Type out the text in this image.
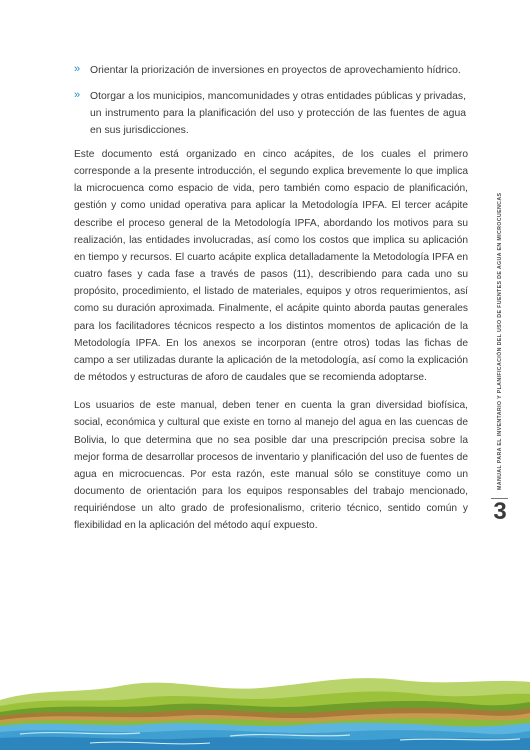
» Orientar la priorización de inversiones en proyectos de aprovechamiento hídrico.
» Otorgar a los municipios, mancomunidades y otras entidades públicas y privadas, un instrumento para la planificación del uso y protección de las fuentes de agua en sus jurisdicciones.

Este documento está organizado en cinco acápites, de los cuales el primero corresponde a la presente introducción, el segundo explica brevemente lo que implica la microcuenca como espacio de vida, pero también como espacio de planificación, gestión y como unidad operativa para aplicar la Metodología IPFA. El tercer acápite describe el proceso general de la Metodología IPFA, abordando los motivos para su realización, las entidades involucradas, así como los costos que implica su aplicación en tiempo y recursos. El cuarto acápite explica detalladamente la Metodología IPFA en cuatro fases y cada fase a través de pasos (11), describiendo para cada uno su propósito, procedimiento, el listado de materiales, equipos y otros requerimientos, así como su duración aproximada. Finalmente, el acápite quinto aborda pautas generales para los facilitadores técnicos respecto a los distintos momentos de aplicación de la Metodología IPFA. En los anexos se incorporan (entre otros) todas las fichas de campo a ser utilizadas durante la aplicación de la metodología, así como la explicación de métodos y estructuras de aforo de caudales que se recomienda adoptarse.

Los usuarios de este manual, deben tener en cuenta la gran diversidad biofísica, social, económica y cultural que existe en torno al manejo del agua en las cuencas de Bolivia, lo que determina que no sea posible dar una prescripción precisa sobre la mejor forma de desarrollar procesos de inventario y planificación del uso de fuentes de agua en microcuencas. Por esta razón, este manual sólo se constituye como un documento de orientación para los equipos responsables del trabajo mencionado, requiriéndose un alto grado de profesionalismo, criterio técnico, sentido común y flexibilidad en la aplicación del método aquí expuesto.

MANUAL PARA EL INVENTARIO Y PLANIFICACIÓN DEL USO DE FUENTES DE AGUA EN MICROCUENCAS
3
